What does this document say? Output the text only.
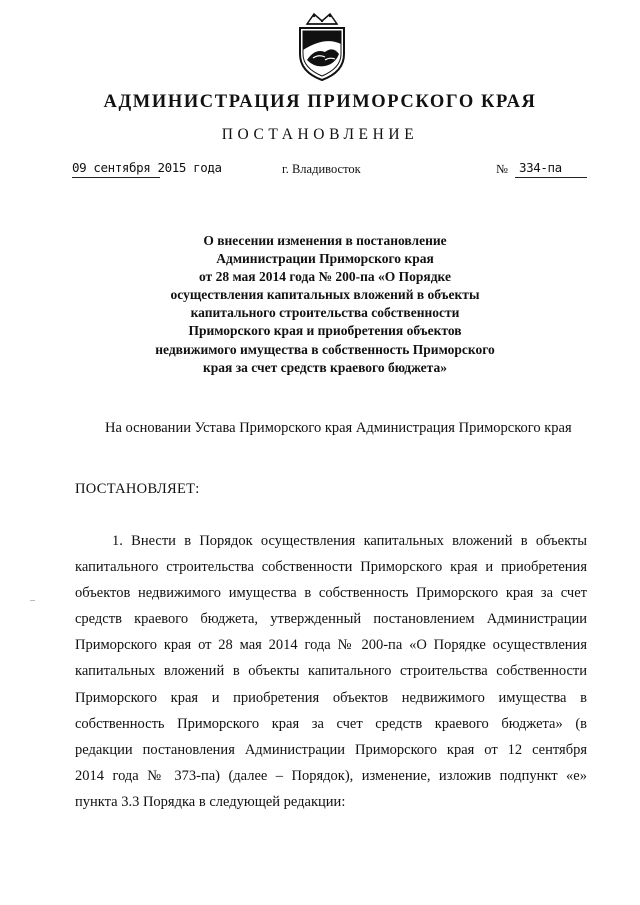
АДМИНИСТРАЦИЯ ПРИМОРСКОГО КРАЯ
ПОСТАНОВЛЕНИЕ
09 сентября 2015 года	г. Владивосток	№ 334-па
О внесении изменения в постановление
Администрации Приморского края
от 28 мая 2014 года № 200-па «О Порядке
осуществления капитальных вложений в объекты
капитального строительства собственности
Приморского края и приобретения объектов
недвижимого имущества в собственность Приморского
края за счет средств краевого бюджета»
На основании Устава Приморского края Администрация Приморского края
ПОСТАНОВЛЯЕТ:
1. Внести в Порядок осуществления капитальных вложений в объекты
капитального строительства собственности Приморского края и приобретения
объектов недвижимого имущества в собственность Приморского края за счет
средств краевого бюджета, утвержденный постановлением Администрации
Приморского края от 28 мая 2014 года № 200-па «О Порядке осуществления
капитальных вложений в объекты капитального строительства собственности
Приморского края и приобретения объектов недвижимого имущества в
собственность Приморского края за счет средств краевого бюджета» (в
редакции постановления Администрации Приморского края от 12 сентября
2014 года № 373-па) (далее – Порядок), изменение, изложив подпункт «е»
пункта 3.3 Порядка в следующей редакции:
